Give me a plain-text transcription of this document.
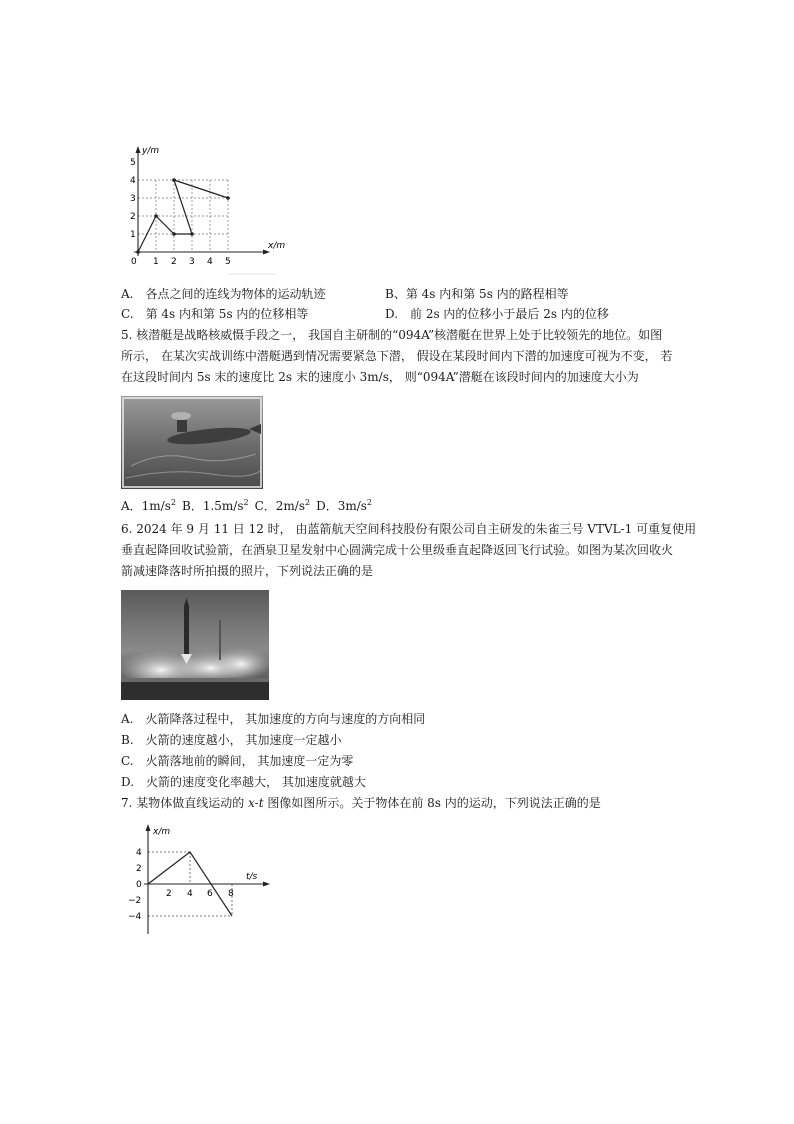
y/m
x/m
5
4
3
2
1
0 1 2 3 4 5
A.　各点之间的连线为物体的运动轨迹	B、第 4s 内和第 5s 内的路程相等
C.　第 4s 内和第 5s 内的位移相等	D.　前 2s 内的位移小于最后 2s 内的位移
5. 核潜艇是战略核威慑手段之一， 我国自主研制的“094A”核潜艇在世界上处于比较领先的地位。如图
所示， 在某次实战训练中潜艇遇到情况需要紧急下潜， 假设在某段时间内下潜的加速度可视为不变， 若
在这段时间内 5s 末的速度比 2s 末的速度小 3m/s， 则“094A”潜艇在该段时间内的加速度大小为
A．$1m/s^2$  B．$1.5m/s^2$  C．$2m/s^2$  D．$3m/s^2$
6. 2024 年 9 月 11 日 12 时， 由蓝箭航天空间科技股份有限公司自主研发的朱雀三号 VTVL-1 可重复使用
垂直起降回收试验箭，在酒泉卫星发射中心圆满完成十公里级垂直起降返回飞行试验。如图为某次回收火
箭减速降落时所拍摄的照片，下列说法正确的是
A.　火箭降落过程中， 其加速度的方向与速度的方向相同
B.　火箭的速度越小， 其加速度一定越小
C.　火箭落地前的瞬间， 其加速度一定为零
D.　火箭的速度变化率越大， 其加速度就越大
7. 某物体做直线运动的 x-t 图像如图所示。关于物体在前 8s 内的运动，下列说法正确的是
x/m
t/s
4
2
0
−2
−4
2 4 6 8
